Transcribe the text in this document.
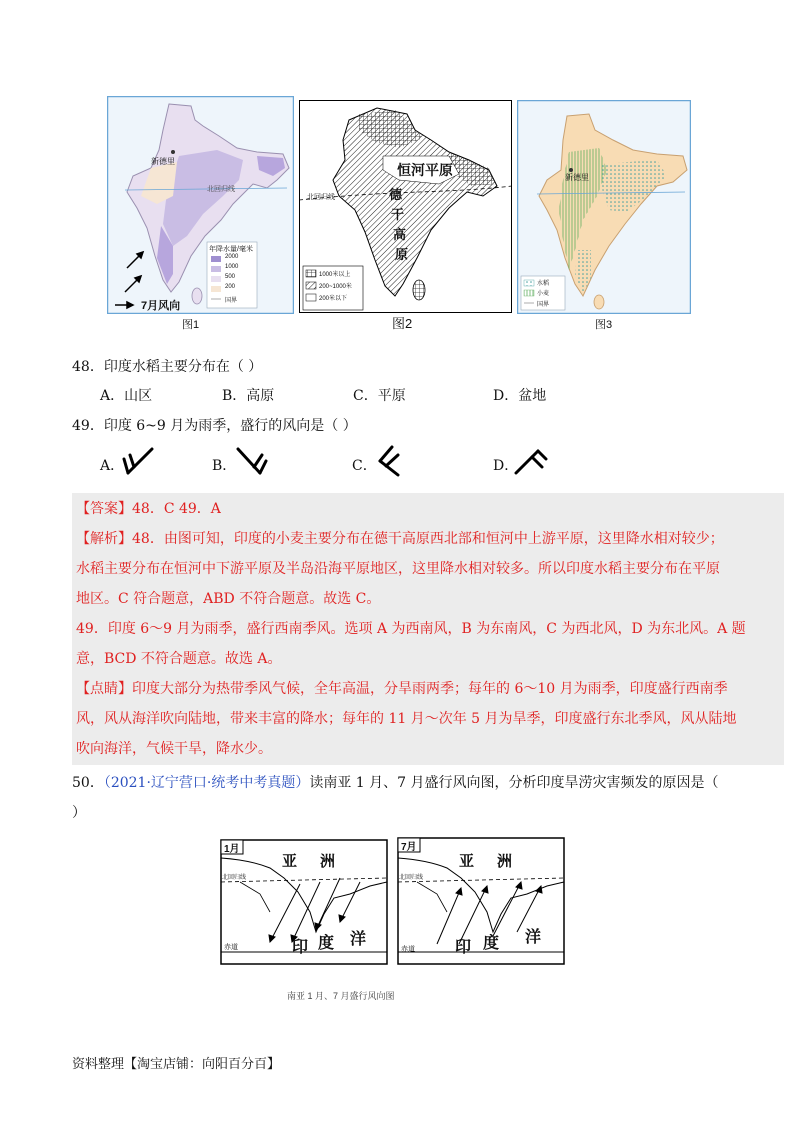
新德里
北回归线
年降水量/毫米
2000
1000
500
200
国界
7月风向
图1
恒河平原
德
干
高
原
北回归线
1000米以上
200~1000米
200米以下
图2
新德里
水稻
小麦
国界
图3
48．印度水稻主要分布在（ ）
A．山区	B．高原	C．平原	D．盆地
49．印度 6~9 月为雨季，盛行的风向是（ ）
A．	B．	C．	D．
【答案】48．C 49．A
【解析】48．由图可知，印度的小麦主要分布在德干高原西北部和恒河中上游平原，这里降水相对较少；
水稻主要分布在恒河中下游平原及半岛沿海平原地区，这里降水相对较多。所以印度水稻主要分布在平原
地区。C 符合题意，ABD 不符合题意。故选 C。
49．印度 6～9 月为雨季，盛行西南季风。选项 A 为西南风，B 为东南风，C 为西北风，D 为东北风。A 题
意，BCD 不符合题意。故选 A。
【点睛】印度大部分为热带季风气候，全年高温，分旱雨两季；每年的 6～10 月为雨季，印度盛行西南季
风，风从海洋吹向陆地，带来丰富的降水；每年的 11 月～次年 5 月为旱季，印度盛行东北季风，风从陆地
吹向海洋，气候干旱，降水少。
50．（2021·辽宁营口·统考中考真题）读南亚 1 月、7 月盛行风向图，分析印度旱涝灾害频发的原因是（
）
1月
亚 洲
北回归线
印 度 洋
赤道
7月
亚 洲
北回归线
印 度 洋
赤道
南亚 1 月、7 月盛行风向图
资料整理【淘宝店铺：向阳百分百】
